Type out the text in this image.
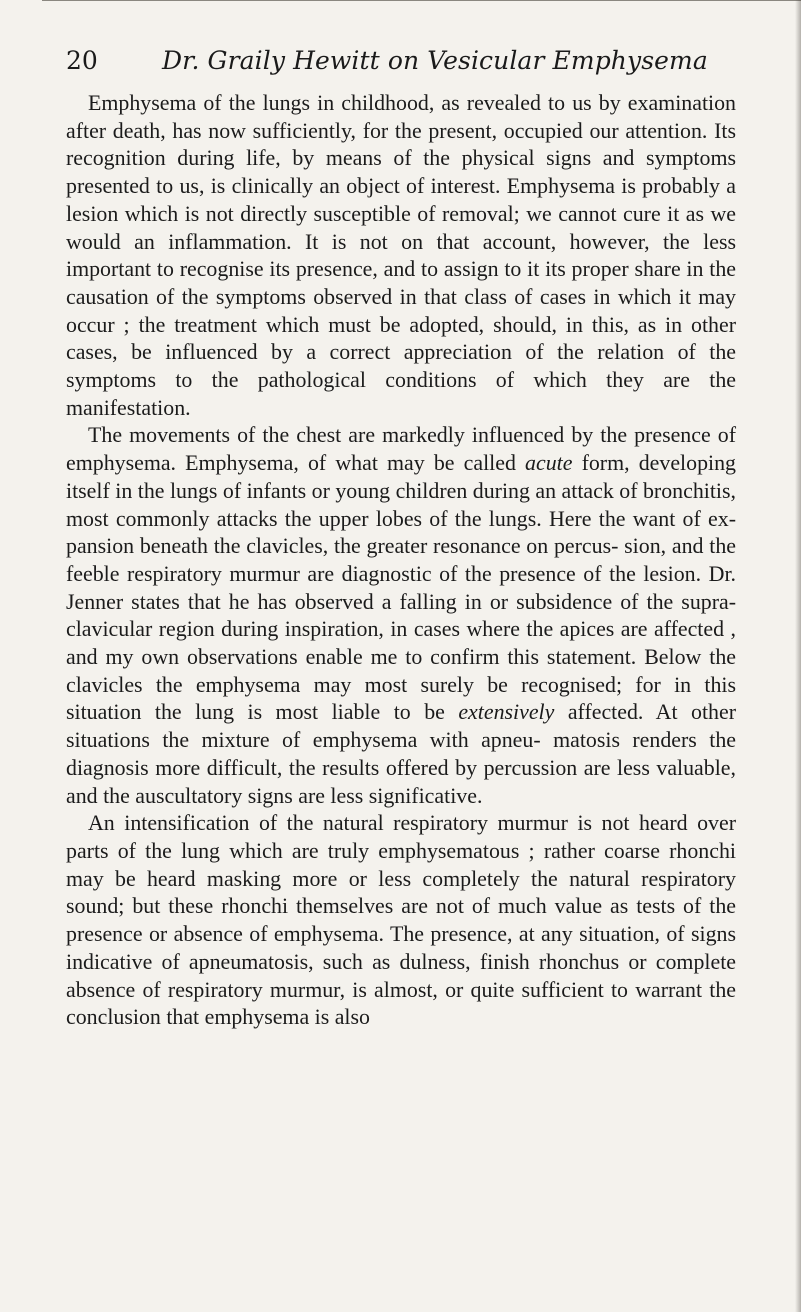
20	Dr. Graily Hewitt on Vesicular Emphysema

Emphysema of the lungs in childhood, as revealed to us by examination after death, has now sufficiently, for the present, occupied our attention. Its recognition during life, by means of the physical signs and symptoms presented to us, is clinically an object of interest. Emphysema is probably a lesion which is not directly susceptible of removal; we cannot cure it as we would an inflammation. It is not on that account, however, the less important to recognise its presence, and to assign to it its proper share in the causation of the symptoms observed in that class of cases in which it may occur ; the treatment which must be adopted, should, in this, as in other cases, be influenced by a correct appreciation of the relation of the symptoms to the pathological conditions of which they are the manifestation.

The movements of the chest are markedly influenced by the presence of emphysema. Emphysema, of what may be called acute form, developing itself in the lungs of infants or young children during an attack of bronchitis, most commonly attacks the upper lobes of the lungs. Here the want of ex- pansion beneath the clavicles, the greater resonance on percus- sion, and the feeble respiratory murmur are diagnostic of the presence of the lesion. Dr. Jenner states that he has observed a falling in or subsidence of the supra-clavicular region during inspiration, in cases where the apices are affected , and my own observations enable me to confirm this statement. Below the clavicles the emphysema may most surely be recognised; for in this situation the lung is most liable to be extensively affected. At other situations the mixture of emphysema with apneu- matosis renders the diagnosis more difficult, the results offered by percussion are less valuable, and the auscultatory signs are less significative.

An intensification of the natural respiratory murmur is not heard over parts of the lung which are truly emphysematous ; rather coarse rhonchi may be heard masking more or less completely the natural respiratory sound; but these rhonchi themselves are not of much value as tests of the presence or absence of emphysema. The presence, at any situation, of signs indicative of apneumatosis, such as dulness, finish rhonchus or complete absence of respiratory murmur, is almost, or quite sufficient to warrant the conclusion that emphysema is also
